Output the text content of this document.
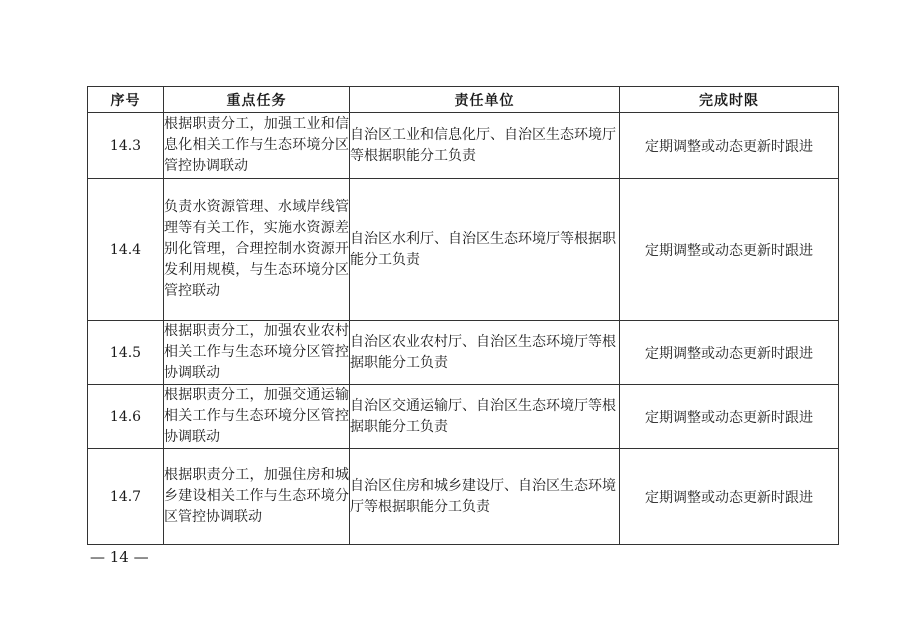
序号	重点任务	责任单位	完成时限
14.3	根据职责分工，加强工业和信息化相关工作与生态环境分区管控协调联动	自治区工业和信息化厅、自治区生态环境厅等根据职能分工负责	定期调整或动态更新时跟进
14.4	负责水资源管理、水域岸线管理等有关工作，实施水资源差别化管理，合理控制水资源开发利用规模，与生态环境分区管控联动	自治区水利厅、自治区生态环境厅等根据职能分工负责	定期调整或动态更新时跟进
14.5	根据职责分工，加强农业农村相关工作与生态环境分区管控协调联动	自治区农业农村厅、自治区生态环境厅等根据职能分工负责	定期调整或动态更新时跟进
14.6	根据职责分工，加强交通运输相关工作与生态环境分区管控协调联动	自治区交通运输厅、自治区生态环境厅等根据职能分工负责	定期调整或动态更新时跟进
14.7	根据职责分工，加强住房和城乡建设相关工作与生态环境分区管控协调联动	自治区住房和城乡建设厅、自治区生态环境厅等根据职能分工负责	定期调整或动态更新时跟进
— 14 —
